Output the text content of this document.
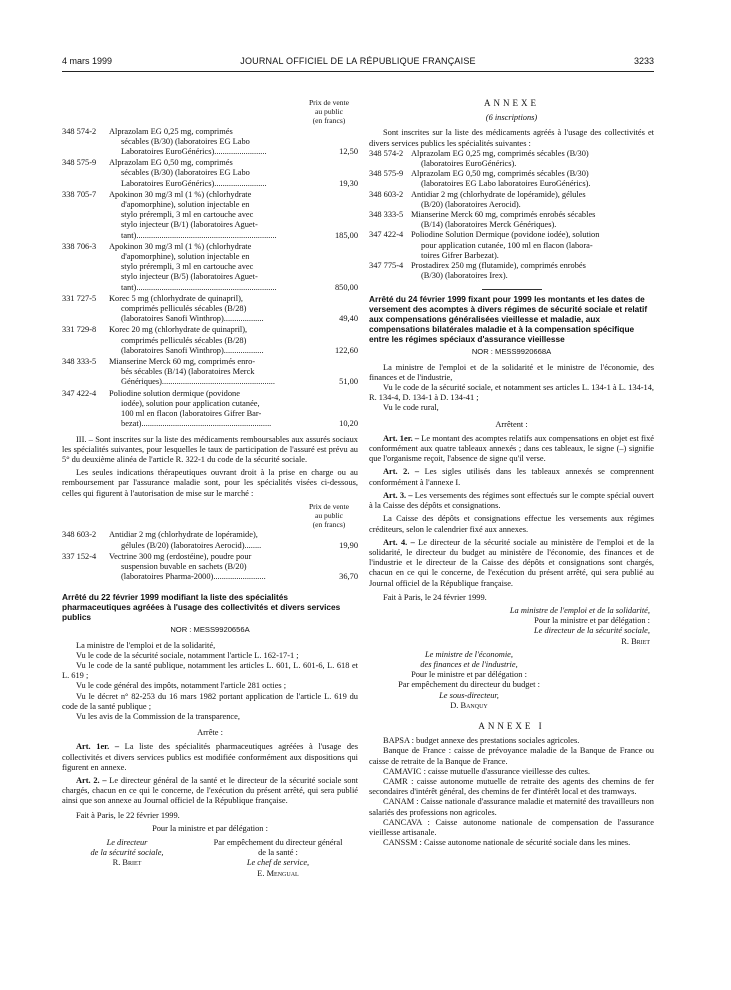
4 mars 1999	JOURNAL OFFICIEL DE LA RÉPUBLIQUE FRANÇAISE	3233
Prix de vente
au public
(en francs)
348 574-2	Alprazolam EG 0,25 mg, comprimés
sécables (B/30) (laboratoires EG Labo
Laboratoires EuroGénérics).........................	12,50
348 575-9	Alprazolam EG 0,50 mg, comprimés
sécables (B/30) (laboratoires EG Labo
Laboratoires EuroGénérics).........................	19,30
338 705-7	Apokinon 30 mg/3 ml (1 %) (chlorhydrate
d'apomorphine), solution injectable en
stylo prérempli, 3 ml en cartouche avec
stylo injecteur (B/1) (laboratoires Aguet-
tant)...................................................................	185,00
338 706-3	Apokinon 30 mg/3 ml (1 %) (chlorhydrate
d'apomorphine), solution injectable en
stylo prérempli, 3 ml en cartouche avec
stylo injecteur (B/5) (laboratoires Aguet-
tant)...................................................................	850,00
331 727-5	Korec 5 mg (chlorhydrate de quinapril),
comprimés pelliculés sécables (B/28)
(laboratoires Sanofi Winthrop)...................	49,40
331 729-8	Korec 20 mg (chlorhydrate de quinapril),
comprimés pelliculés sécables (B/28)
(laboratoires Sanofi Winthrop)...................	122,60
348 333-5	Mianserine Merck 60 mg, comprimés enro-
bés sécables (B/14) (laboratoires Merck
Génériques)......................................................	51,00
347 422-4	Poliodine solution dermique (povidone
iodée), solution pour application cutanée,
100 ml en flacon (laboratoires Gifrer Bar-
bezat)..............................................................	10,20

III. – Sont inscrites sur la liste des médicaments remboursables aux assurés sociaux les spécialités suivantes, pour lesquelles le taux de participation de l'assuré est prévu au 5° du deuxième alinéa de l'article R. 322-1 du code de la sécurité sociale.

Les seules indications thérapeutiques ouvrant droit à la prise en charge ou au remboursement par l'assurance maladie sont, pour les spécialités visées ci-dessous, celles qui figurent à l'autorisation de mise sur le marché :

Prix de vente
au public
(en francs)
348 603-2	Antidiar 2 mg (chlorhydrate de lopéramide),
gélules (B/20) (laboratoires Aerocid)........	19,90
337 152-4	Vectrine 300 mg (erdostéine), poudre pour
suspension buvable en sachets (B/20)
(laboratoires Pharma-2000).........................	36,70

Arrêté du 22 février 1999 modifiant la liste des spécialités pharmaceutiques agréées à l'usage des collectivités et divers services publics

NOR : MESS9920656A

La ministre de l'emploi et de la solidarité,

Vu le code de la sécurité sociale, notamment l'article L. 162-17-1 ;

Vu le code de la santé publique, notamment les articles L. 601, L. 601-6, L. 618 et L. 619 ;

Vu le code général des impôts, notamment l'article 281 octies ;

Vu le décret n° 82-253 du 16 mars 1982 portant application de l'article L. 619 du code de la santé publique ;

Vu les avis de la Commission de la transparence,

Arrête :

Art. 1er. – La liste des spécialités pharmaceutiques agréées à l'usage des collectivités et divers services publics est modifiée conformément aux dispositions qui figurent en annexe.

Art. 2. – Le directeur général de la santé et le directeur de la sécurité sociale sont chargés, chacun en ce qui le concerne, de l'exécution du présent arrêté, qui sera publié ainsi que son annexe au Journal officiel de la République française.

Fait à Paris, le 22 février 1999.

Pour la ministre et par délégation :

Le directeur
de la sécurité sociale,
R. Briet
Par empêchement du directeur général
de la santé :
Le chef de service,
E. Mengual

ANNEXE

(6 inscriptions)

Sont inscrites sur la liste des médicaments agréés à l'usage des collectivités et divers services publics les spécialités suivantes :

348 574-2 Alprazolam EG 0,25 mg, comprimés sécables (B/30)
(laboratoires EuroGénérics).
348 575-9 Alprazolam EG 0,50 mg, comprimés sécables (B/30)
(laboratoires EG Labo laboratoires EuroGénérics).
348 603-2 Antidiar 2 mg (chlorhydrate de lopéramide), gélules
(B/20) (laboratoires Aerocid).
348 333-5 Mianserine Merck 60 mg, comprimés enrobés sécables
(B/14) (laboratoires Merck Génériques).
347 422-4 Poliodine Solution Dermique (povidone iodée), solution
pour application cutanée, 100 ml en flacon (labora-
toires Gifrer Barbezat).
347 775-4 Prostadirex 250 mg (flutamide), comprimés enrobés
(B/30) (laboratoires Irex).

Arrêté du 24 février 1999 fixant pour 1999 les montants et les dates de versement des acomptes à divers régimes de sécurité sociale et relatif aux compensations généralisées vieillesse et maladie, aux compensations bilatérales maladie et à la compensation spécifique entre les régimes spéciaux d'assurance vieillesse

NOR : MESS9920668A

La ministre de l'emploi et de la solidarité et le ministre de l'économie, des finances et de l'industrie,

Vu le code de la sécurité sociale, et notamment ses articles L. 134-1 à L. 134-14, R. 134-4, D. 134-1 à D. 134-41 ;

Vu le code rural,

Arrêtent :

Art. 1er. – Le montant des acomptes relatifs aux compensations en objet est fixé conformément aux quatre tableaux annexés ; dans ces tableaux, le signe (–) signifie que l'organisme reçoit, l'absence de signe qu'il verse.

Art. 2. – Les sigles utilisés dans les tableaux annexés se comprennent conformément à l'annexe I.

Art. 3. – Les versements des régimes sont effectués sur le compte spécial ouvert à la Caisse des dépôts et consignations.

La Caisse des dépôts et consignations effectue les versements aux régimes créditeurs, selon le calendrier fixé aux annexes.

Art. 4. – Le directeur de la sécurité sociale au ministère de l'emploi et de la solidarité, le directeur du budget au ministère de l'économie, des finances et de l'industrie et le directeur de la Caisse des dépôts et consignations sont chargés, chacun en ce qui le concerne, de l'exécution du présent arrêté, qui sera publié au Journal officiel de la République française.

Fait à Paris, le 24 février 1999.

La ministre de l'emploi et de la solidarité,
Pour la ministre et par délégation :
Le directeur de la sécurité sociale,
R. Briet
Le ministre de l'économie,
des finances et de l'industrie,
Pour le ministre et par délégation :
Par empêchement du directeur du budget :
Le sous-directeur,
D. Banquy

ANNEXE I

BAPSA : budget annexe des prestations sociales agricoles.

Banque de France : caisse de prévoyance maladie de la Banque de France ou caisse de retraite de la Banque de France.

CAMAVIC : caisse mutuelle d'assurance vieillesse des cultes.

CAMR : caisse autonome mutuelle de retraite des agents des chemins de fer secondaires d'intérêt général, des chemins de fer d'intérêt local et des tramways.

CANAM : Caisse nationale d'assurance maladie et maternité des travailleurs non salariés des professions non agricoles.

CANCAVA : Caisse autonome nationale de compensation de l'assurance vieillesse artisanale.

CANSSM : Caisse autonome nationale de sécurité sociale dans les mines.
